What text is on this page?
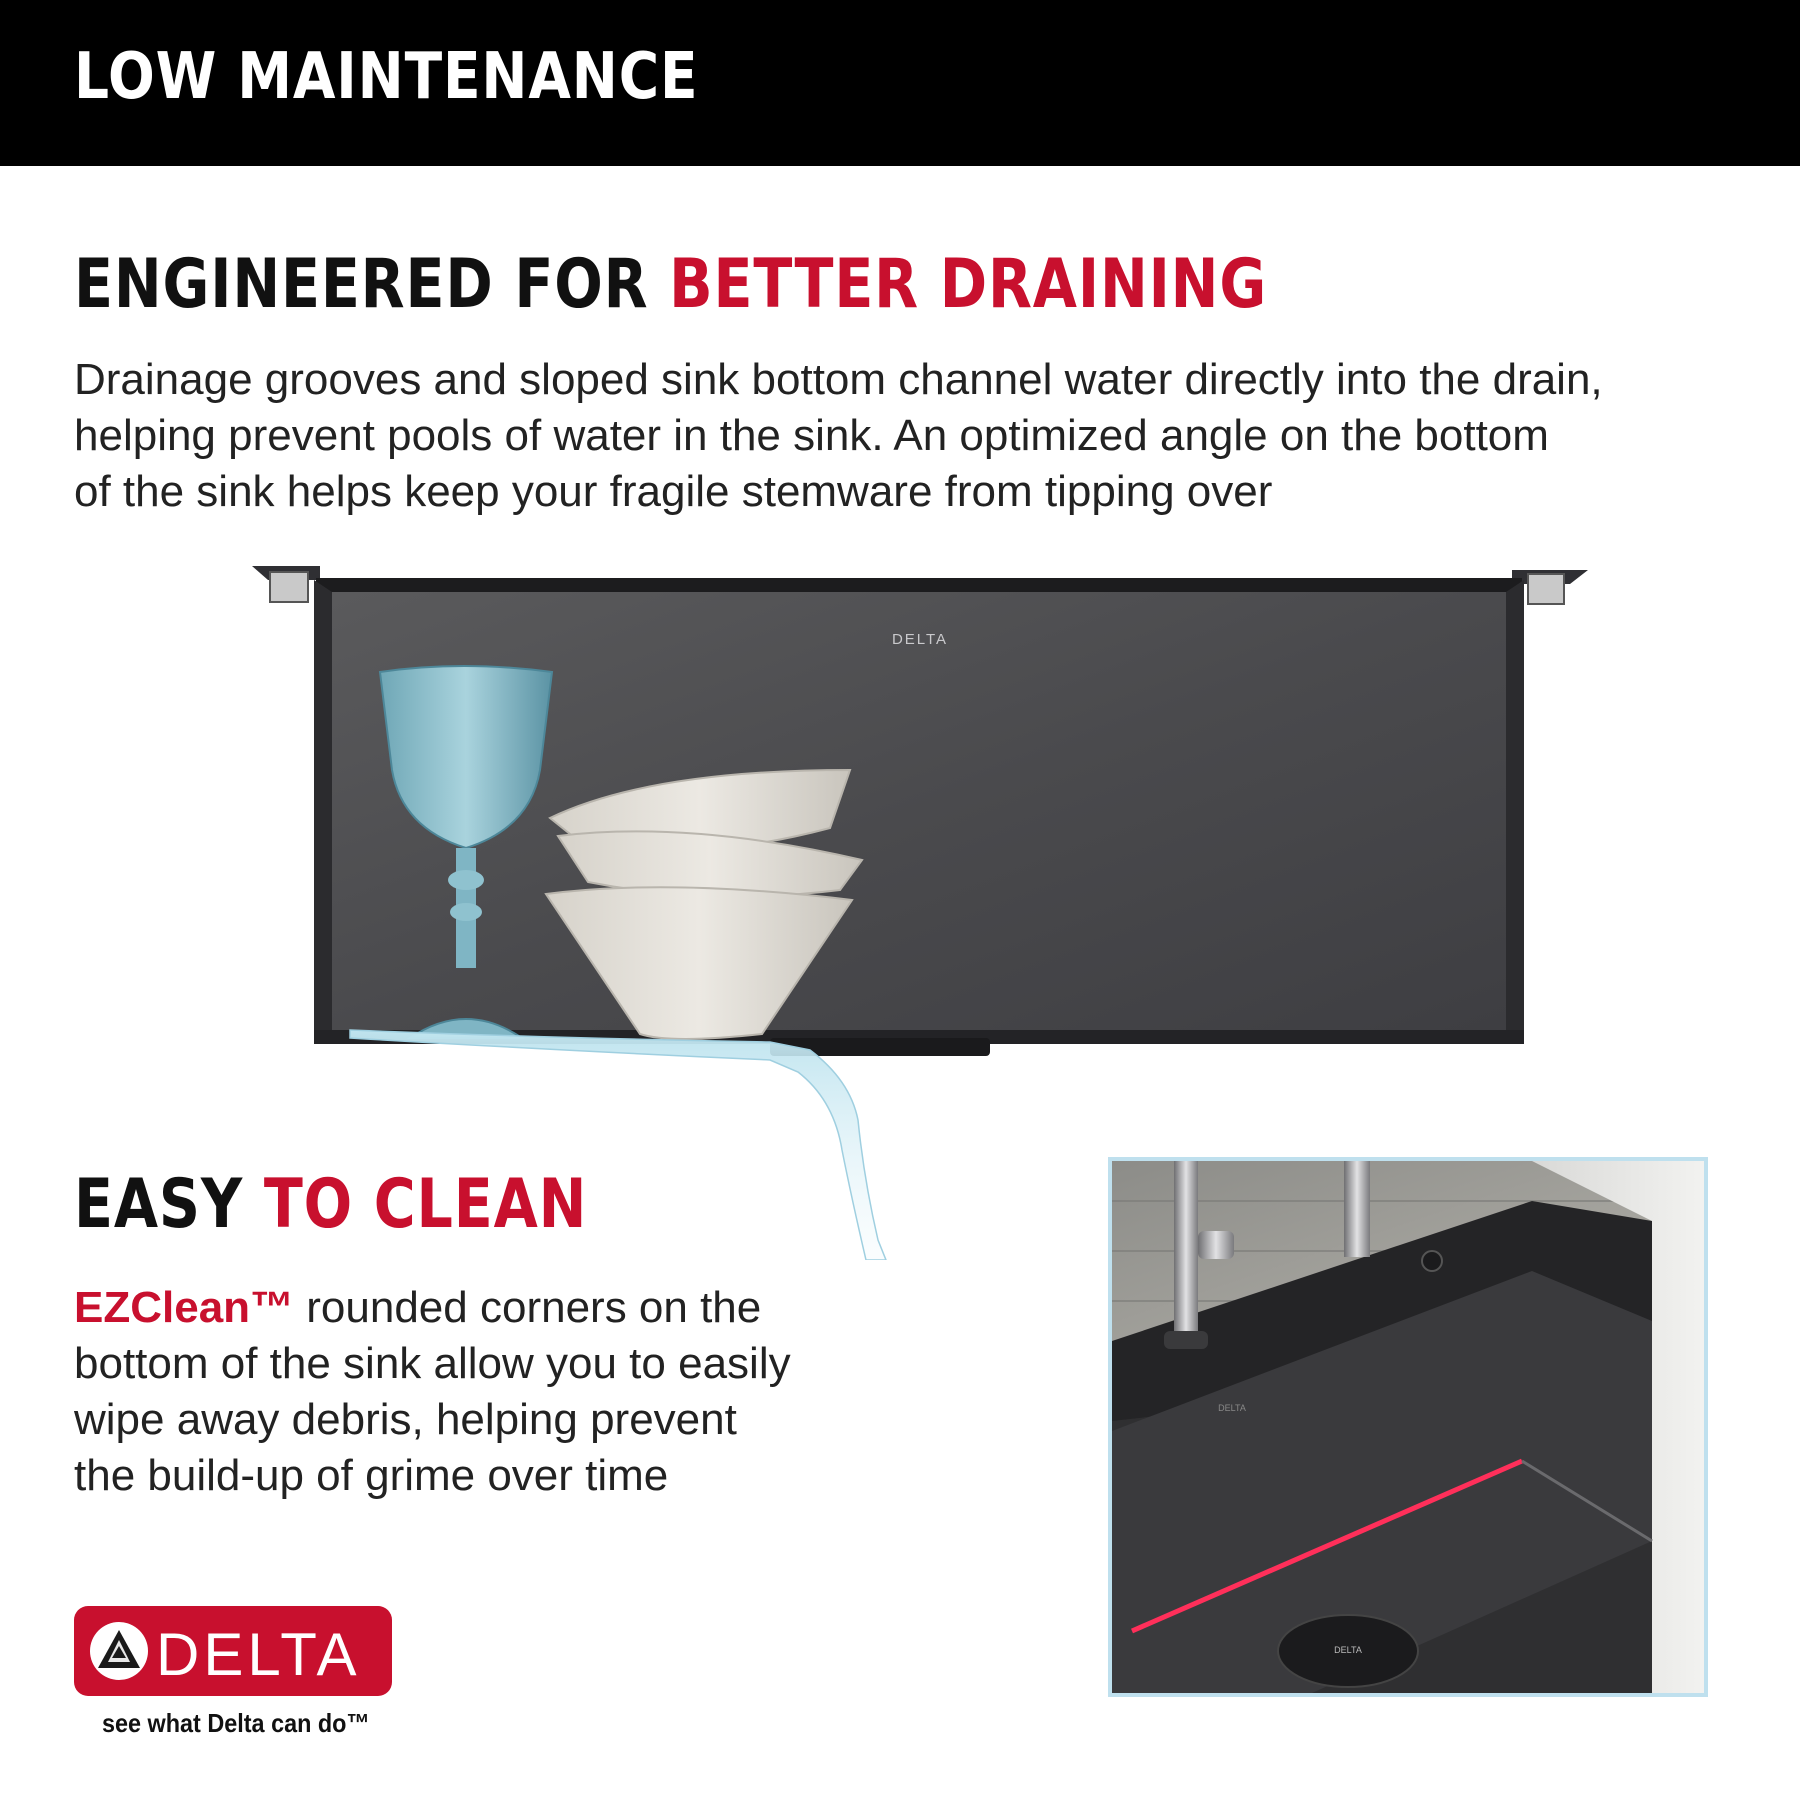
LOW MAINTENANCE
ENGINEERED FOR BETTER DRAINING
Drainage grooves and sloped sink bottom channel water directly into the drain,
helping prevent pools of water in the sink. An optimized angle on the bottom
of the sink helps keep your fragile stemware from tipping over
DELTA
EASY TO CLEAN
EZClean™ rounded corners on the
bottom of the sink allow you to easily
wipe away debris, helping prevent
the build-up of grime over time
DELTA
DELTA
DELTA
see what Delta can do™
